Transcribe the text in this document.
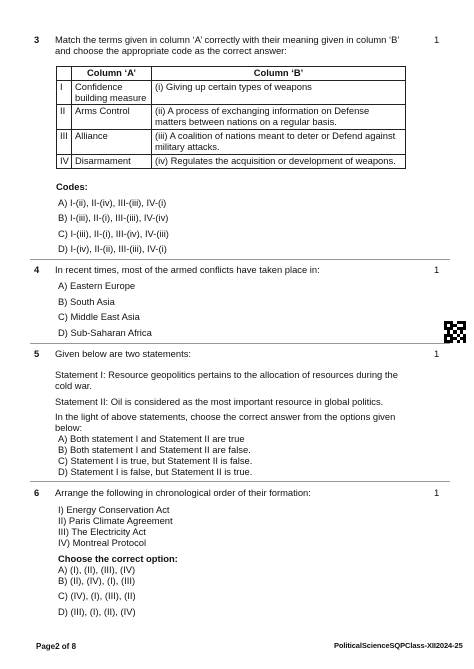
3 Match the terms given in column ‘A’ correctly with their meaning given in column ‘B’

and choose the appropriate code as the correct answer:

1
	Column ‘A’	Column ‘B’
I	Confidence building measure	(i) Giving up certain types of weapons
II	Arms Control	(ii) A process of exchanging information on Defense matters between nations on a regular basis.
III	Alliance	(iii) A coalition of nations meant to deter or Defend against military attacks.
IV	Disarmament	(iv) Regulates the acquisition or development of weapons.
Codes:
A) I-(ii), II-(iv), III-(iii), IV-(i)
B) I-(iii), II-(i), III-(iii), IV-(iv)
C) I-(iii), II-(i), III-(iv), IV-(iii)
D) I-(iv), II-(ii), III-(iii), IV-(i)
4 In recent times, most of the armed conflicts have taken place in:	1
A) Eastern Europe
B) South Asia
C) Middle East Asia
D) Sub-Saharan Africa
5 Given below are two statements:	1

Statement I: Resource geopolitics pertains to the allocation of resources during the

cold war.

Statement II: Oil is considered as the most important resource in global politics.

In the light of above statements, choose the correct answer from the options given

below:

A) Both statement I and Statement II are true
B) Both statement I and Statement II are false.
C) Statement I is true, but Statement II is false.
D) Statement I is false, but Statement II is true.
6 Arrange the following in chronological order of their formation:	1
I) Energy Conservation Act
II) Paris Climate Agreement
III) The Electricity Act
IV) Montreal Protocol
Choose the correct option:
A) (I), (II), (III), (IV)
B) (II), (IV), (I), (III)
C) (IV), (I), (III), (II)
D) (III), (I), (II), (IV)
Page2 of 8	PoliticalScienceSQPClass-XII2024-25
